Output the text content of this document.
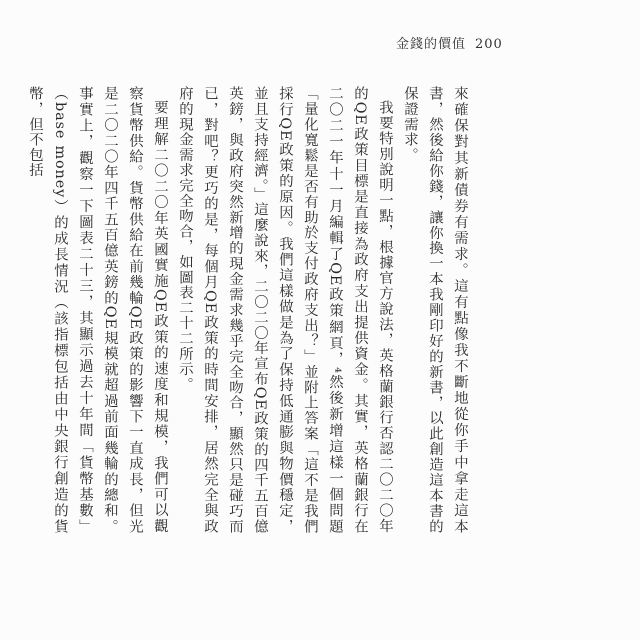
金錢的價值 200

來確保對其新債券有需求。這有點像我不斷地從你手中拿走這本書，然後給你錢，讓你換一本我剛印好的新書，以此創造這本書的保證需求。

我要特別說明一點，根據官方說法，英格蘭銀行否認二〇二〇年的QE政策目標是直接為政府支出提供資金。其實，英格蘭銀行在二〇二一年十一月編輯了QE政策網頁，⁴然後新增這樣一個問題「量化寬鬆是否有助於支付政府支出？」並附上答案「這不是我們採行QE政策的原因。我們這樣做是為了保持低通膨與物價穩定，並且支持經濟。」這麼說來，二〇二〇年宣布QE政策的四千五百億英鎊，與政府突然新增的現金需求幾乎完全吻合，顯然只是碰巧而已，對吧？更巧的是，每個月QE政策的時間安排，居然完全與政府的現金需求完全吻合，如圖表二十二所示。

要理解二〇二〇年英國實施QE政策的速度和規模，我們可以觀察貨幣供給。貨幣供給在前幾輪QE政策的影響下一直成長，但光是二〇二〇年四千五百億英鎊的QE規模就超過前面幾輪的總和。事實上，觀察一下圖表二十三，其顯示過去十年間「貨幣基數」（base money）的成長情況（該指標包括由中央銀行創造的貨幣，但不包括
